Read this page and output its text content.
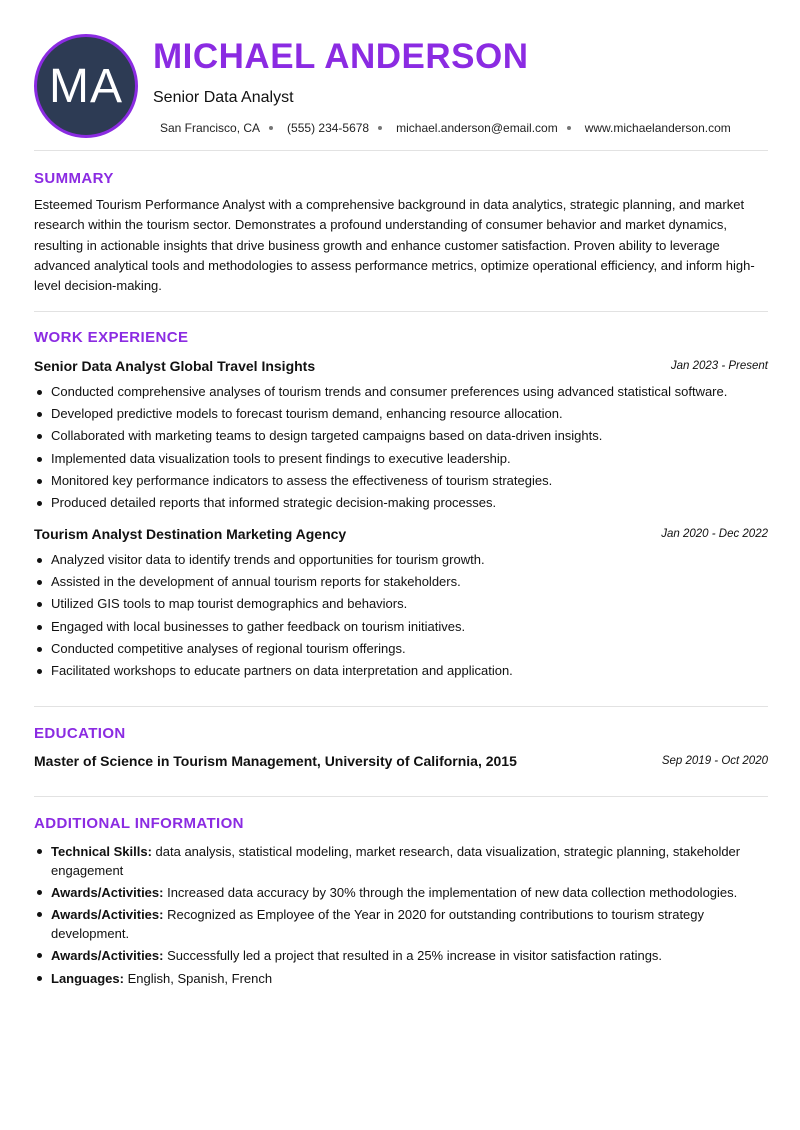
MA
MICHAEL ANDERSON
Senior Data Analyst
San Francisco, CA (555) 234-5678 michael.anderson@email.com www.michaelanderson.com
SUMMARY
Esteemed Tourism Performance Analyst with a comprehensive background in data analytics, strategic planning, and market research within the tourism sector. Demonstrates a profound understanding of consumer behavior and market dynamics, resulting in actionable insights that drive business growth and enhance customer satisfaction. Proven ability to leverage advanced analytical tools and methodologies to assess performance metrics, optimize operational efficiency, and inform high-level decision-making.
WORK EXPERIENCE
Senior Data Analyst Global Travel Insights	Jan 2023 - Present
Conducted comprehensive analyses of tourism trends and consumer preferences using advanced statistical software.
Developed predictive models to forecast tourism demand, enhancing resource allocation.
Collaborated with marketing teams to design targeted campaigns based on data-driven insights.
Implemented data visualization tools to present findings to executive leadership.
Monitored key performance indicators to assess the effectiveness of tourism strategies.
Produced detailed reports that informed strategic decision-making processes.
Tourism Analyst Destination Marketing Agency	Jan 2020 - Dec 2022
Analyzed visitor data to identify trends and opportunities for tourism growth.
Assisted in the development of annual tourism reports for stakeholders.
Utilized GIS tools to map tourist demographics and behaviors.
Engaged with local businesses to gather feedback on tourism initiatives.
Conducted competitive analyses of regional tourism offerings.
Facilitated workshops to educate partners on data interpretation and application.
EDUCATION
Master of Science in Tourism Management, University of California, 2015	Sep 2019 - Oct 2020
ADDITIONAL INFORMATION
Technical Skills: data analysis, statistical modeling, market research, data visualization, strategic planning, stakeholder engagement
Awards/Activities: Increased data accuracy by 30% through the implementation of new data collection methodologies.
Awards/Activities: Recognized as Employee of the Year in 2020 for outstanding contributions to tourism strategy development.
Awards/Activities: Successfully led a project that resulted in a 25% increase in visitor satisfaction ratings.
Languages: English, Spanish, French
